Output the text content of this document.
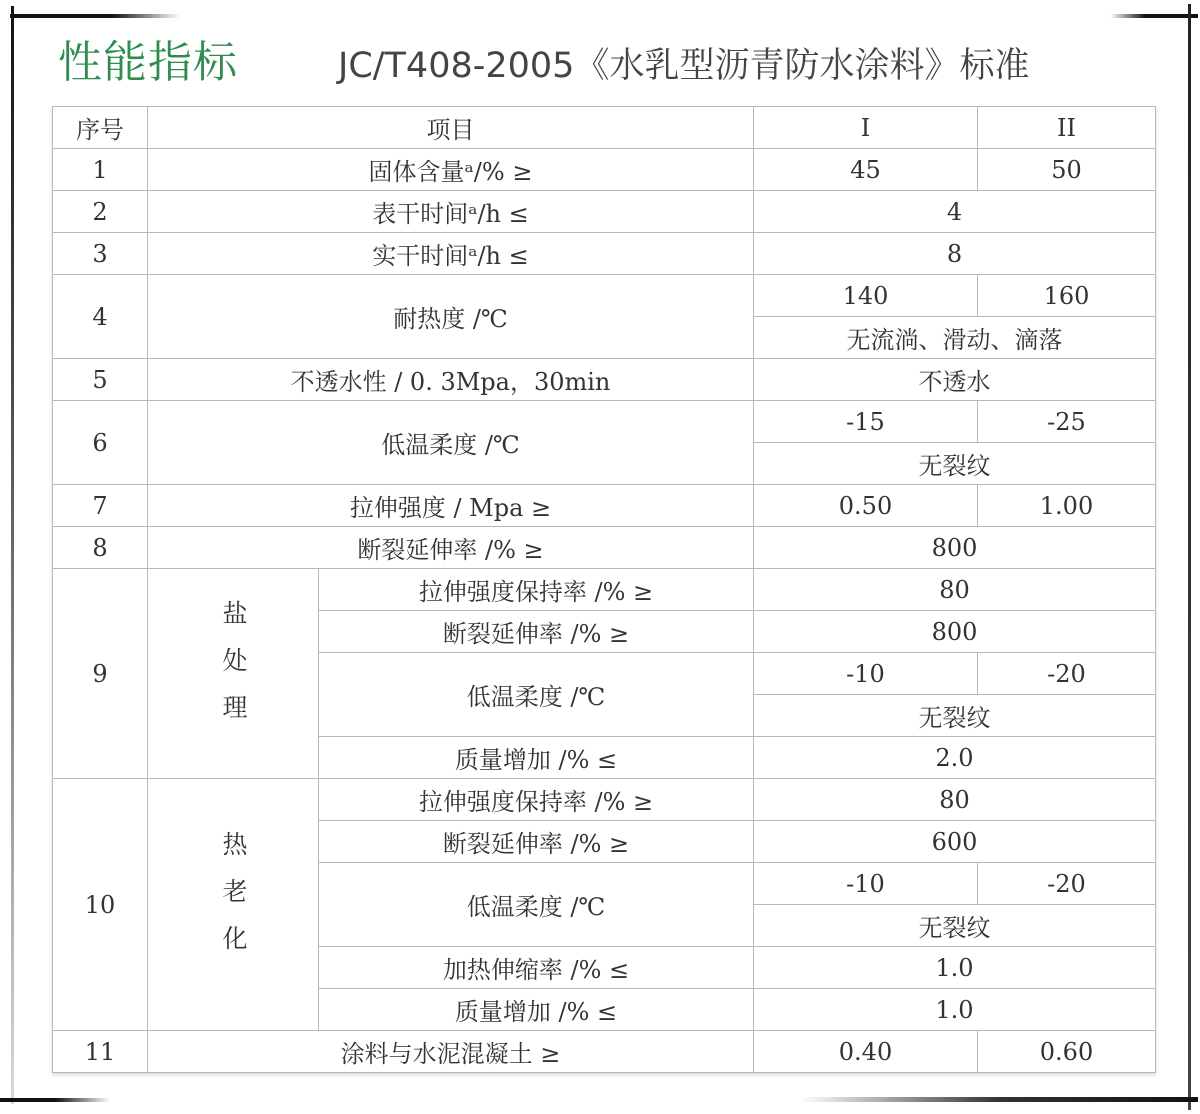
性能指标	JC/T408-2005《水乳型沥青防水涂料》标准
序号	项目		I	II
1	固体含量ᵃ/% ≥		45	50
2	表干时间ᵃ/h ≤		4	
3	实干时间ᵃ/h ≤		8	
4	耐热度 /℃		140	160
			无流淌、滑动、滴落	
5	不透水性 / 0. 3Mpa，30min		不透水	
6	低温柔度 /℃		-15	-25
			无裂纹	
7	拉伸强度 / Mpa ≥		0.50	1.00
8	断裂延伸率 /% ≥		800	
9	盐处理	拉伸强度保持率 /% ≥	80	
		断裂延伸率 /% ≥	800	
		低温柔度 /℃	-10	-20
			无裂纹	
		质量增加 /% ≤	2.0	
10	热老化	拉伸强度保持率 /% ≥	80	
		断裂延伸率 /% ≥	600	
		低温柔度 /℃	-10	-20
			无裂纹	
		加热伸缩率 /% ≤	1.0	
		质量增加 /% ≤	1.0	
11	涂料与水泥混凝土 ≥		0.40	0.60
